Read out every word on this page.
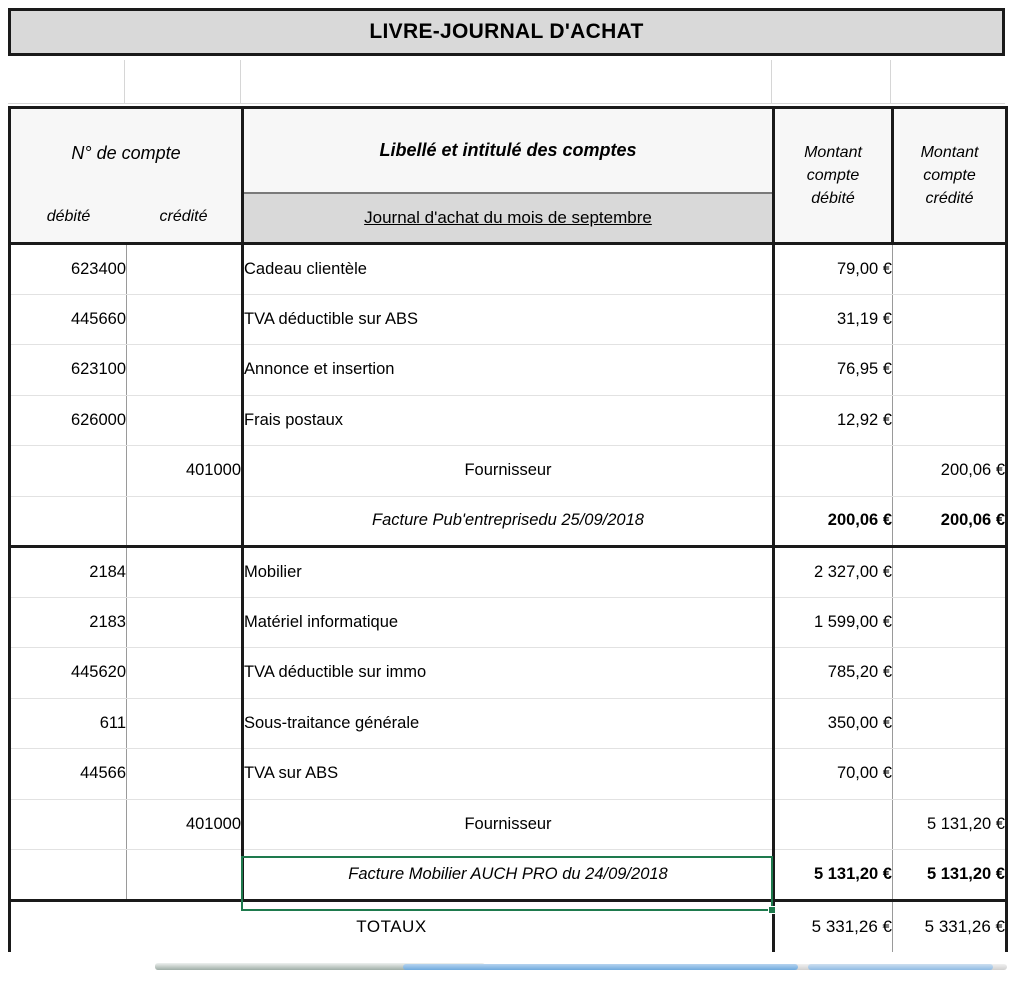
LIVRE-JOURNAL D'ACHAT
N° de compte
débité	crédité

Libellé et intitulé des comptes
Journal d'achat du mois de septembre

Montant
compte
débité

Montant
compte
crédité

623400		Cadeau clientèle	79,00 €	
445660		TVA déductible sur ABS	31,19 €	
623100		Annonce et insertion	76,95 €	
626000		Frais postaux	12,92 €	
	401000	Fournisseur		200,06 €
		Facture Pub'entreprisedu 25/09/2018	200,06 €	200,06 €
2184		Mobilier	2 327,00 €	
2183		Matériel informatique	1 599,00 €	
445620		TVA déductible sur immo	785,20 €	
611		Sous-traitance générale	350,00 €	
44566		TVA sur ABS	70,00 €	
	401000	Fournisseur		5 131,20 €
		Facture Mobilier AUCH PRO du 24/09/2018	5 131,20 €	5 131,20 €
TOTAUX			5 331,26 €	5 331,26 €
